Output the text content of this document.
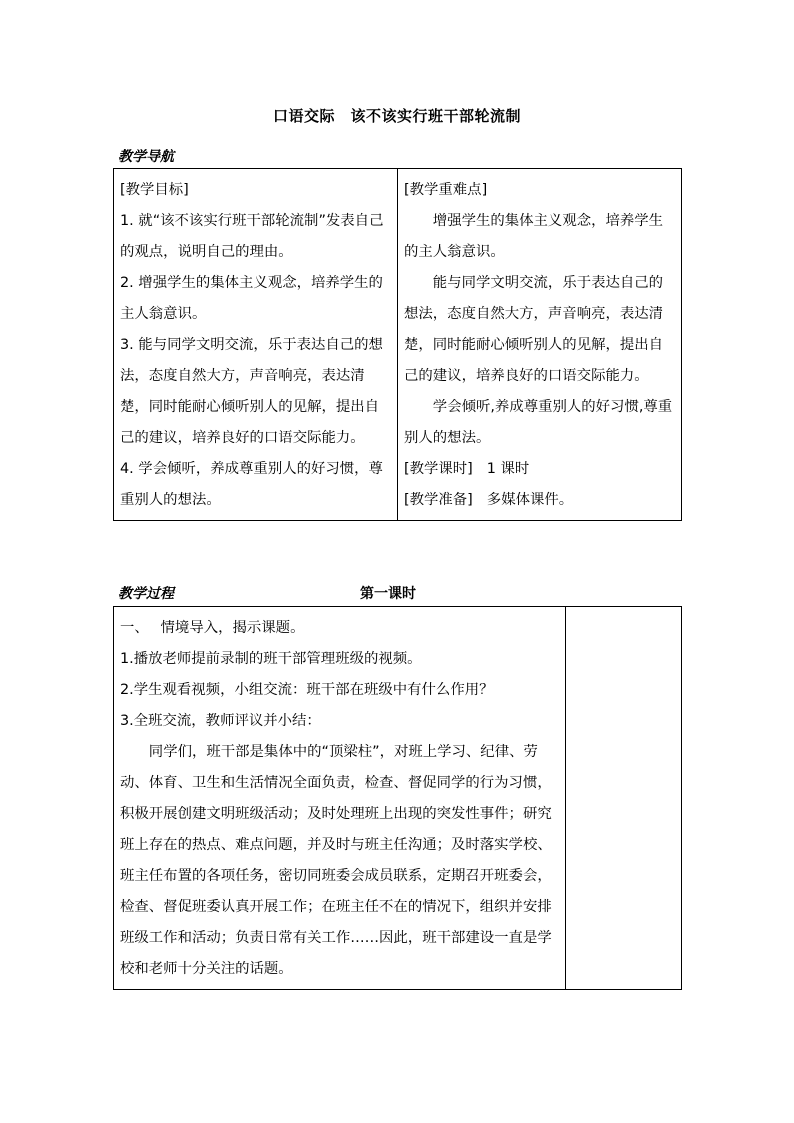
口语交际　该不该实行班干部轮流制
教学导航

[教学目标]

1. 就“该不该实行班干部轮流制”发表自己的观点，说明自己的理由。

2. 增强学生的集体主义观念，培养学生的主人翁意识。

3. 能与同学文明交流，乐于表达自己的想法，态度自然大方，声音响亮，表达清楚，同时能耐心倾听别人的见解，提出自己的建议，培养良好的口语交际能力。

4. 学会倾听，养成尊重别人的好习惯，尊重别人的想法。

[教学重难点]

增强学生的集体主义观念，培养学生的主人翁意识。

能与同学文明交流，乐于表达自己的想法，态度自然大方，声音响亮，表达清楚，同时能耐心倾听别人的见解，提出自己的建议，培养良好的口语交际能力。

学会倾听,养成尊重别人的好习惯,尊重别人的想法。

[教学课时] 1 课时

[教学准备] 多媒体课件。

教学过程	第一课时

一、　 情境导入，揭示课题。

1.播放老师提前录制的班干部管理班级的视频。

2.学生观看视频，小组交流：班干部在班级中有什么作用？

3.全班交流，教师评议并小结：

同学们，班干部是集体中的“顶梁柱”，对班上学习、纪律、劳动、体育、卫生和生活情况全面负责，检查、督促同学的行为习惯，积极开展创建文明班级活动；及时处理班上出现的突发性事件；研究班上存在的热点、难点问题，并及时与班主任沟通；及时落实学校、班主任布置的各项任务，密切同班委会成员联系，定期召开班委会，检查、督促班委认真开展工作；在班主任不在的情况下，组织并安排班级工作和活动；负责日常有关工作……因此，班干部建设一直是学校和老师十分关注的话题。
